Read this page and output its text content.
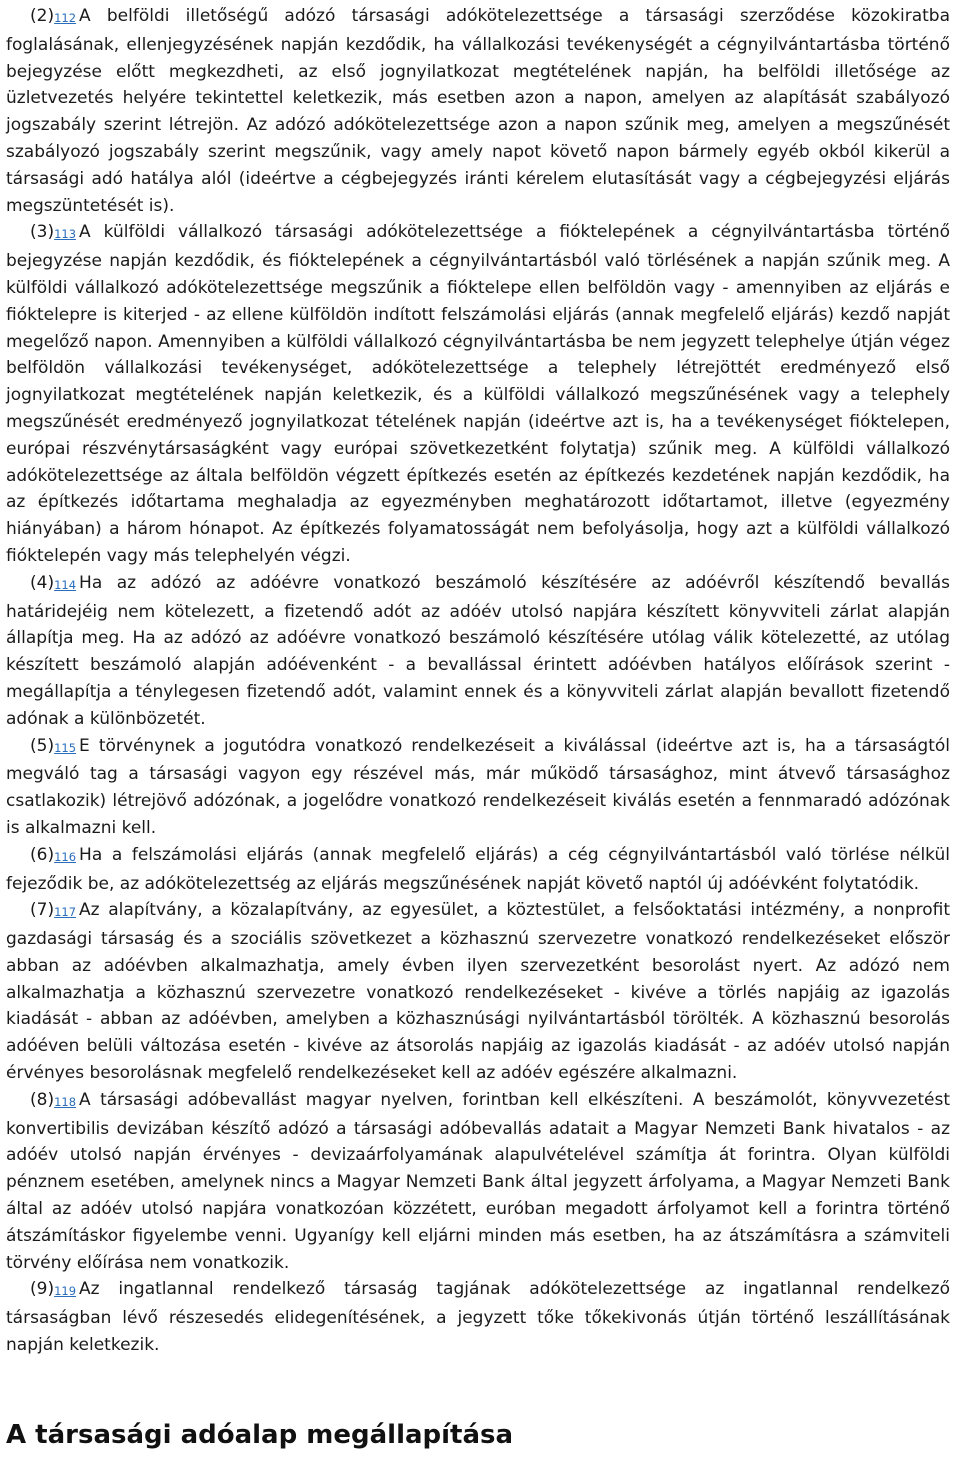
(2)112 A belföldi illetőségű adózó társasági adókötelezettsége a társasági szerződése közokiratba foglalásának, ellenjegyzésének napján kezdődik, ha vállalkozási tevékenységét a cégnyilvántartásba történő bejegyzése előtt megkezdheti, az első jognyilatkozat megtételének napján, ha belföldi illetősége az üzletvezetés helyére tekintettel keletkezik, más esetben azon a napon, amelyen az alapítását szabályozó jogszabály szerint létrejön. Az adózó adókötelezettsége azon a napon szűnik meg, amelyen a megszűnését szabályozó jogszabály szerint megszűnik, vagy amely napot követő napon bármely egyéb okból kikerül a társasági adó hatálya alól (ideértve a cégbejegyzés iránti kérelem elutasítását vagy a cégbejegyzési eljárás megszüntetését is).

(3)113 A külföldi vállalkozó társasági adókötelezettsége a fióktelepének a cégnyilvántartásba történő bejegyzése napján kezdődik, és fióktelepének a cégnyilvántartásból való törlésének a napján szűnik meg. A külföldi vállalkozó adókötelezettsége megszűnik a fióktelepe ellen belföldön vagy - amennyiben az eljárás e fióktelepre is kiterjed - az ellene külföldön indított felszámolási eljárás (annak megfelelő eljárás) kezdő napját megelőző napon. Amennyiben a külföldi vállalkozó cégnyilvántartásba be nem jegyzett telephelye útján végez belföldön vállalkozási tevékenységet, adókötelezettsége a telephely létrejöttét eredményező első jognyilatkozat megtételének napján keletkezik, és a külföldi vállalkozó megszűnésének vagy a telephely megszűnését eredményező jognyilatkozat tételének napján (ideértve azt is, ha a tevékenységet fióktelepen, európai részvénytársaságként vagy európai szövetkezetként folytatja) szűnik meg. A külföldi vállalkozó adókötelezettsége az általa belföldön végzett építkezés esetén az építkezés kezdetének napján kezdődik, ha az építkezés időtartama meghaladja az egyezményben meghatározott időtartamot, illetve (egyezmény hiányában) a három hónapot. Az építkezés folyamatosságát nem befolyásolja, hogy azt a külföldi vállalkozó fióktelepén vagy más telephelyén végzi.

(4)114 Ha az adózó az adóévre vonatkozó beszámoló készítésére az adóévről készítendő bevallás határidejéig nem kötelezett, a fizetendő adót az adóév utolsó napjára készített könyvviteli zárlat alapján állapítja meg. Ha az adózó az adóévre vonatkozó beszámoló készítésére utólag válik kötelezetté, az utólag készített beszámoló alapján adóévenként - a bevallással érintett adóévben hatályos előírások szerint - megállapítja a ténylegesen fizetendő adót, valamint ennek és a könyvviteli zárlat alapján bevallott fizetendő adónak a különbözetét.

(5)115 E törvénynek a jogutódra vonatkozó rendelkezéseit a kiválással (ideértve azt is, ha a társaságtól megváló tag a társasági vagyon egy részével más, már működő társasághoz, mint átvevő társasághoz csatlakozik) létrejövő adózónak, a jogelődre vonatkozó rendelkezéseit kiválás esetén a fennmaradó adózónak is alkalmazni kell.

(6)116 Ha a felszámolási eljárás (annak megfelelő eljárás) a cég cégnyilvántartásból való törlése nélkül fejeződik be, az adókötelezettség az eljárás megszűnésének napját követő naptól új adóévként folytatódik.

(7)117 Az alapítvány, a közalapítvány, az egyesület, a köztestület, a felsőoktatási intézmény, a nonprofit gazdasági társaság és a szociális szövetkezet a közhasznú szervezetre vonatkozó rendelkezéseket először abban az adóévben alkalmazhatja, amely évben ilyen szervezetként besorolást nyert. Az adózó nem alkalmazhatja a közhasznú szervezetre vonatkozó rendelkezéseket - kivéve a törlés napjáig az igazolás kiadását - abban az adóévben, amelyben a közhasznúsági nyilvántartásból törölték. A közhasznú besorolás adóéven belüli változása esetén - kivéve az átsorolás napjáig az igazolás kiadását - az adóév utolsó napján érvényes besorolásnak megfelelő rendelkezéseket kell az adóév egészére alkalmazni.

(8)118 A társasági adóbevallást magyar nyelven, forintban kell elkészíteni. A beszámolót, könyvvezetést konvertibilis devizában készítő adózó a társasági adóbevallás adatait a Magyar Nemzeti Bank hivatalos - az adóév utolsó napján érvényes - devizaárfolyamának alapulvételével számítja át forintra. Olyan külföldi pénznem esetében, amelynek nincs a Magyar Nemzeti Bank által jegyzett árfolyama, a Magyar Nemzeti Bank által az adóév utolsó napjára vonatkozóan közzétett, euróban megadott árfolyamot kell a forintra történő átszámításkor figyelembe venni. Ugyanígy kell eljárni minden más esetben, ha az átszámításra a számviteli törvény előírása nem vonatkozik.

(9)119 Az ingatlannal rendelkező társaság tagjának adókötelezettsége az ingatlannal rendelkező társaságban lévő részesedés elidegenítésének, a jegyzett tőke tőkekivonás útján történő leszállításának napján keletkezik.

A társasági adóalap megállapítása
